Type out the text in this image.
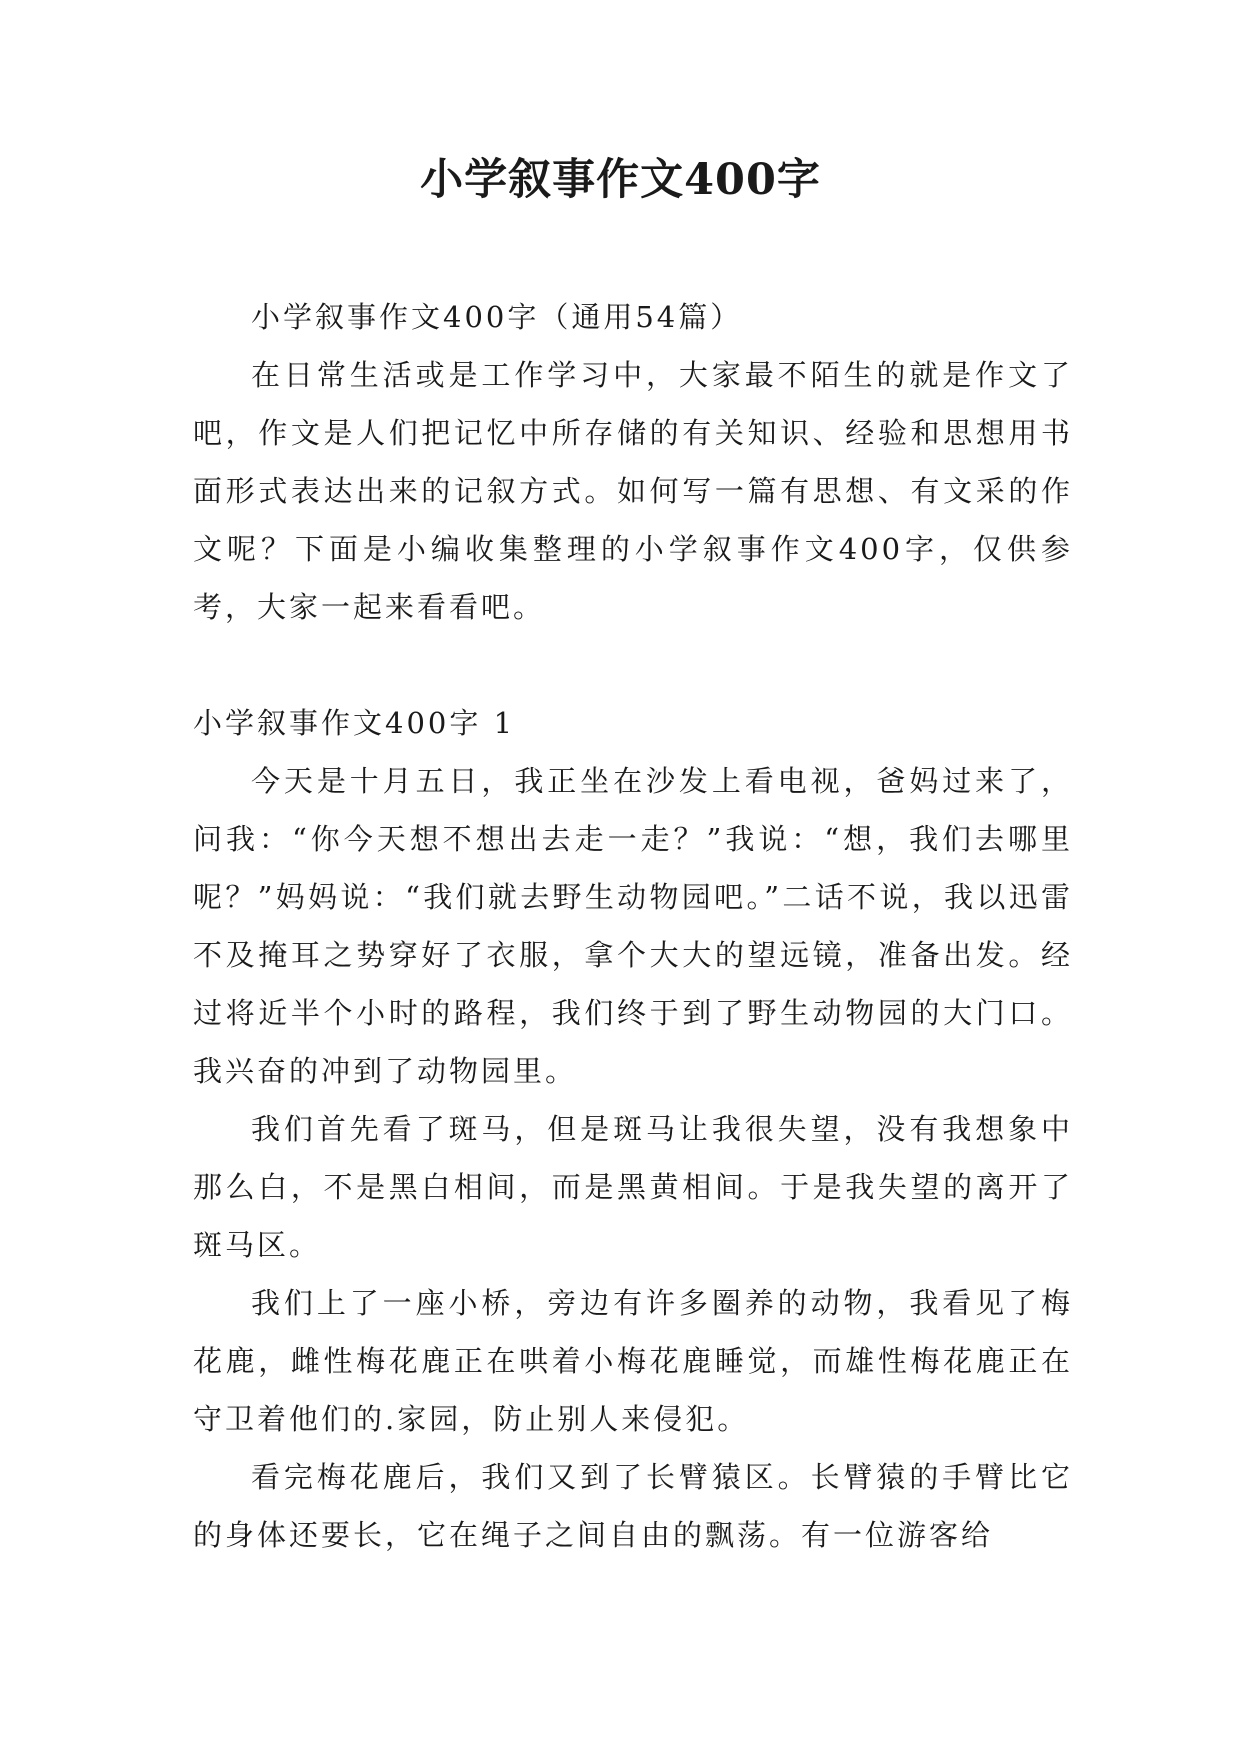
小学叙事作文400字

小学叙事作文400字（通用54篇）

在日常生活或是工作学习中，大家最不陌生的就是作文了吧，作文是人们把记忆中所存储的有关知识、经验和思想用书面形式表达出来的记叙方式。如何写一篇有思想、有文采的作文呢？下面是小编收集整理的小学叙事作文400字，仅供参考，大家一起来看看吧。

小学叙事作文400字 1

今天是十月五日，我正坐在沙发上看电视，爸妈过来了，问我：“你今天想不想出去走一走？”我说：“想，我们去哪里呢？”妈妈说：“我们就去野生动物园吧。”二话不说，我以迅雷不及掩耳之势穿好了衣服，拿个大大的望远镜，准备出发。经过将近半个小时的路程，我们终于到了野生动物园的大门口。我兴奋的冲到了动物园里。

我们首先看了斑马，但是斑马让我很失望，没有我想象中那么白，不是黑白相间，而是黑黄相间。于是我失望的离开了斑马区。

我们上了一座小桥，旁边有许多圈养的动物，我看见了梅花鹿，雌性梅花鹿正在哄着小梅花鹿睡觉，而雄性梅花鹿正在守卫着他们的.家园，防止别人来侵犯。

看完梅花鹿后，我们又到了长臂猿区。长臂猿的手臂比它的身体还要长，它在绳子之间自由的飘荡。有一位游客给
